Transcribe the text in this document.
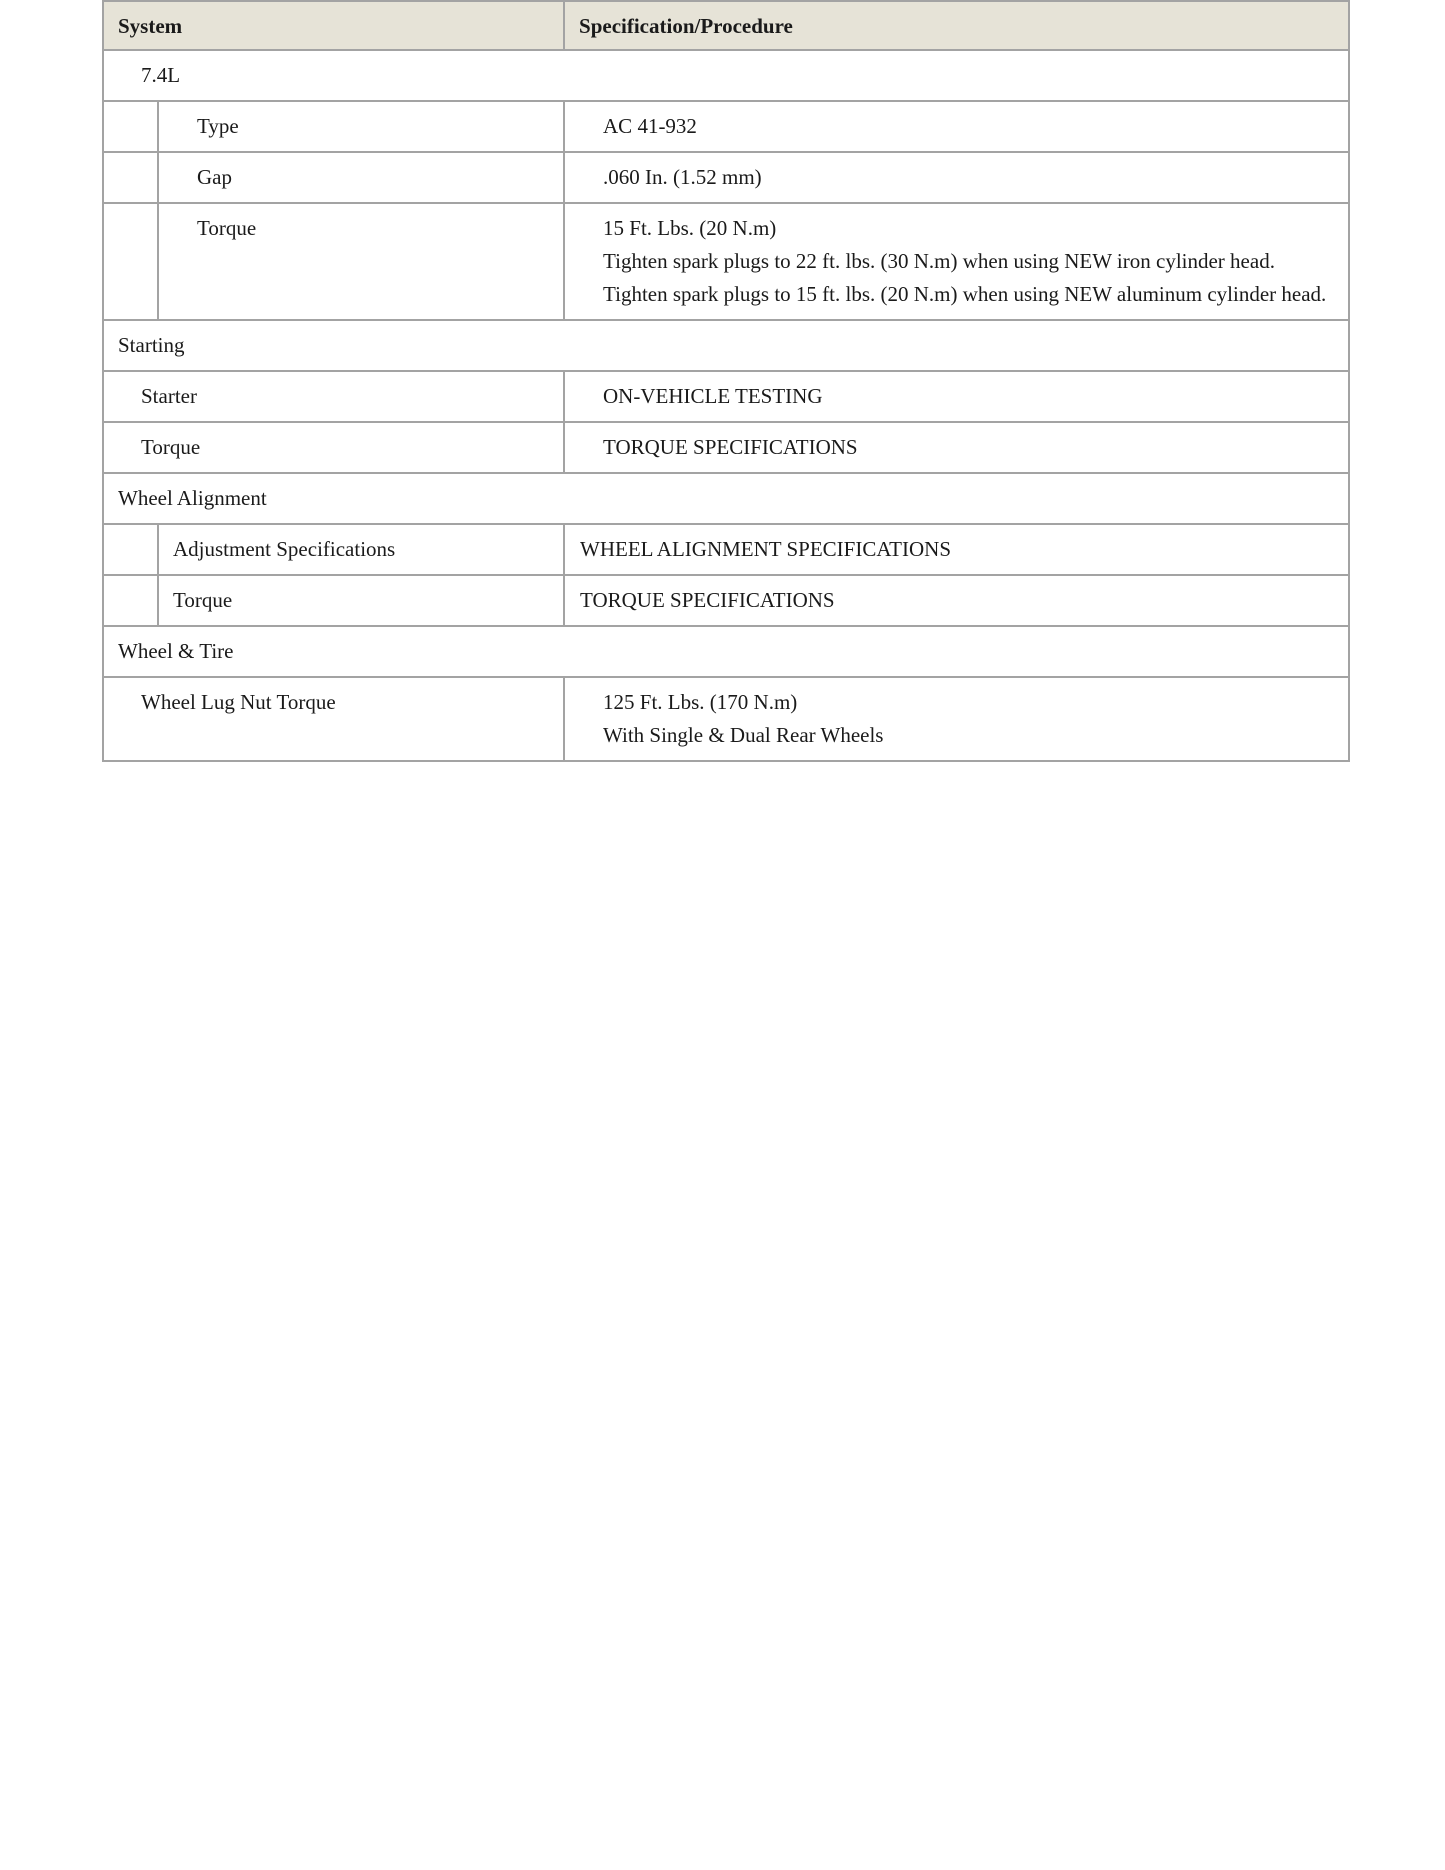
System		Specification/Procedure
7.4L		
	Type	AC 41-932
	Gap	.060 In. (1.52 mm)
	Torque	15 Ft. Lbs. (20 N.m)
Tighten spark plugs to 22 ft. lbs. (30 N.m) when using NEW iron cylinder head.
Tighten spark plugs to 15 ft. lbs. (20 N.m) when using NEW aluminum cylinder head.

Starting		
Starter		ON-VEHICLE TESTING
Torque		TORQUE SPECIFICATIONS
Wheel Alignment		
	Adjustment Specifications	WHEEL ALIGNMENT SPECIFICATIONS
	Torque	TORQUE SPECIFICATIONS
Wheel & Tire		
Wheel Lug Nut Torque		125 Ft. Lbs. (170 N.m)
With Single & Dual Rear Wheels
